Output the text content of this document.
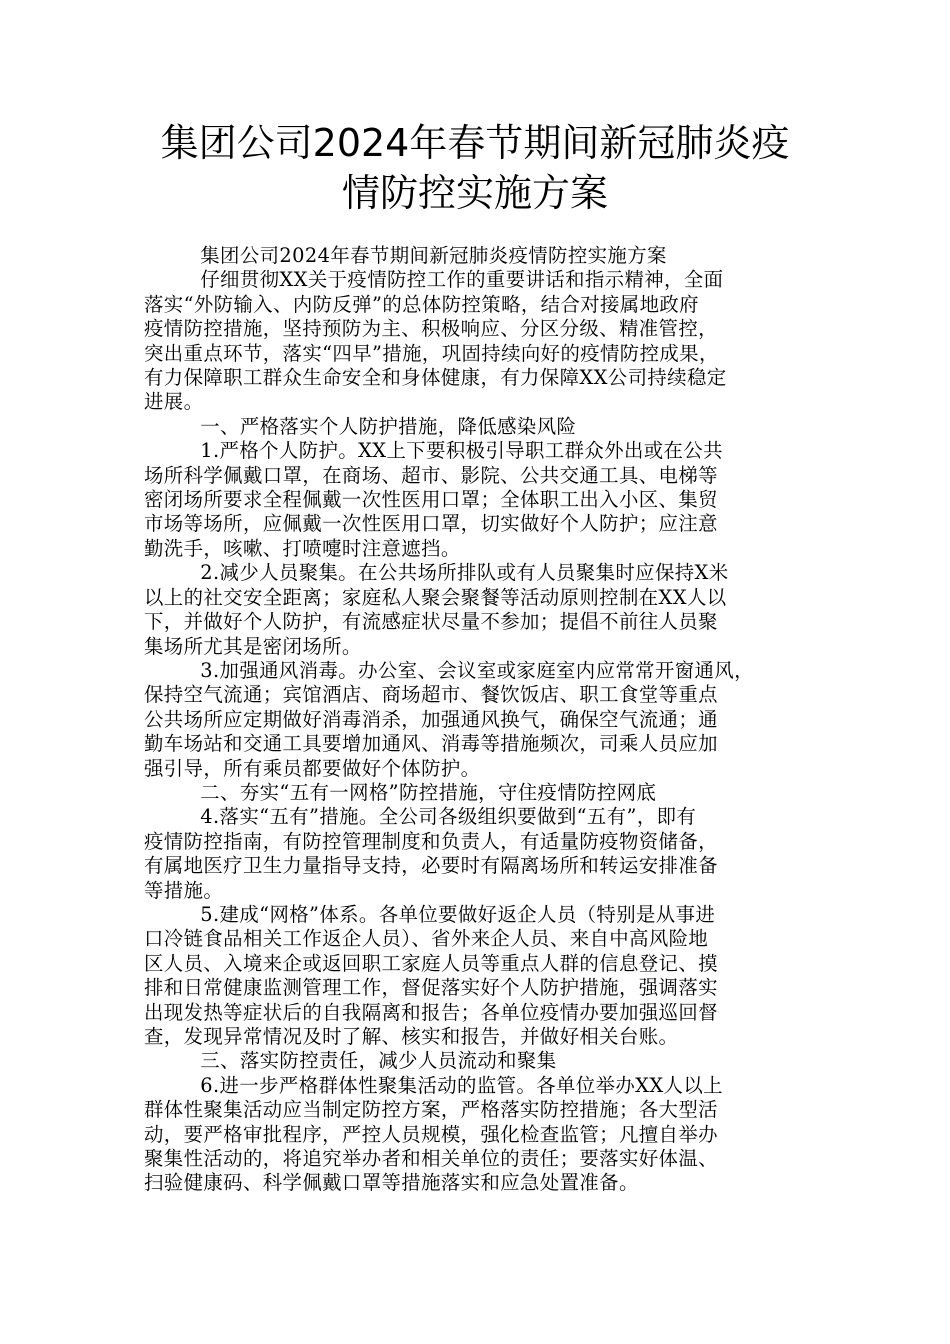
集团公司2024年春节期间新冠肺炎疫
情防控实施方案

集团公司2024年春节期间新冠肺炎疫情防控实施方案

仔细贯彻XX关于疫情防控工作的重要讲话和指示精神，全面
落实“外防输入、内防反弹”的总体防控策略，结合对接属地政府
疫情防控措施，坚持预防为主、积极响应、分区分级、精准管控，
突出重点环节，落实“四早”措施，巩固持续向好的疫情防控成果，
有力保障职工群众生命安全和身体健康，有力保障XX公司持续稳定
进展。

一、严格落实个人防护措施，降低感染风险

1.严格个人防护。XX上下要积极引导职工群众外出或在公共
场所科学佩戴口罩，在商场、超市、影院、公共交通工具、电梯等
密闭场所要求全程佩戴一次性医用口罩；全体职工出入小区、集贸
市场等场所，应佩戴一次性医用口罩，切实做好个人防护；应注意
勤洗手，咳嗽、打喷嚏时注意遮挡。

2.减少人员聚集。在公共场所排队或有人员聚集时应保持X米
以上的社交安全距离；家庭私人聚会聚餐等活动原则控制在XX人以
下，并做好个人防护，有流感症状尽量不参加；提倡不前往人员聚
集场所尤其是密闭场所。

3.加强通风消毒。办公室、会议室或家庭室内应常常开窗通风，
保持空气流通；宾馆酒店、商场超市、餐饮饭店、职工食堂等重点
公共场所应定期做好消毒消杀，加强通风换气，确保空气流通；通
勤车场站和交通工具要增加通风、消毒等措施频次，司乘人员应加
强引导，所有乘员都要做好个体防护。

二、夯实“五有一网格”防控措施，守住疫情防控网底

4.落实“五有”措施。全公司各级组织要做到“五有”，即有
疫情防控指南，有防控管理制度和负责人，有适量防疫物资储备，
有属地医疗卫生力量指导支持，必要时有隔离场所和转运安排准备
等措施。

5.建成“网格”体系。各单位要做好返企人员（特别是从事进
口冷链食品相关工作返企人员）、省外来企人员、来自中高风险地
区人员、入境来企或返回职工家庭人员等重点人群的信息登记、摸
排和日常健康监测管理工作，督促落实好个人防护措施，强调落实
出现发热等症状后的自我隔离和报告；各单位疫情办要加强巡回督
查，发现异常情况及时了解、核实和报告，并做好相关台账。

三、落实防控责任，减少人员流动和聚集

6.进一步严格群体性聚集活动的监管。各单位举办XX人以上
群体性聚集活动应当制定防控方案，严格落实防控措施；各大型活
动，要严格审批程序，严控人员规模，强化检查监管；凡擅自举办
聚集性活动的，将追究举办者和相关单位的责任；要落实好体温、
扫验健康码、科学佩戴口罩等措施落实和应急处置准备。
